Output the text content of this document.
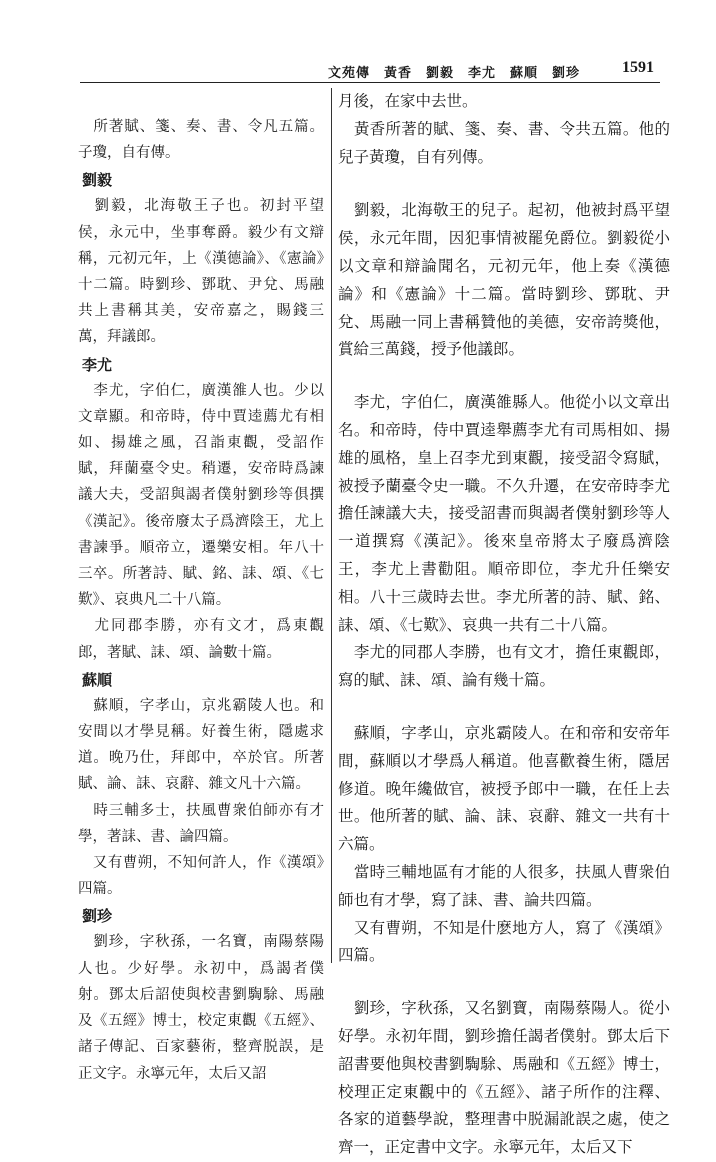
文苑傳　黃香　劉毅　李尤　蘇順　劉珍	1591
　所著賦、箋、奏、書、令凡五篇。子瓊，自有傳。
劉毅
　劉毅，北海敬王子也。初封平望侯，永元中，坐事奪爵。毅少有文辯稱，元初元年，上《漢德論》、《憲論》十二篇。時劉珍、鄧耽、尹兌、馬融共上書稱其美，安帝嘉之，賜錢三萬，拜議郎。
李尤
　李尤，字伯仁，廣漢雒人也。少以文章顯。和帝時，侍中賈逵薦尤有相如、揚雄之風，召詣東觀，受詔作賦，拜蘭臺令史。稍遷，安帝時爲諫議大夫，受詔與謁者僕射劉珍等俱撰《漢記》。後帝廢太子爲濟陰王，尤上書諫爭。順帝立，遷樂安相。年八十三卒。所著詩、賦、銘、誄、頌、《七歎》、哀典凡二十八篇。
　尤同郡李勝，亦有文才，爲東觀郎，著賦、誄、頌、論數十篇。
蘇順
　蘇順，字孝山，京兆霸陵人也。和安間以才學見稱。好養生術，隱處求道。晚乃仕，拜郎中，卒於官。所著賦、論、誄、哀辭、雜文凡十六篇。
　時三輔多士，扶風曹衆伯師亦有才學，著誄、書、論四篇。
　又有曹朔，不知何許人，作《漢頌》四篇。
劉珍
　劉珍，字秋孫，一名寶，南陽蔡陽人也。少好學。永初中，爲謁者僕射。鄧太后詔使與校書劉騊駼、馬融及《五經》博士，校定東觀《五經》、諸子傳記、百家藝術，整齊脱誤，是正文字。永寧元年，太后又詔
月後，在家中去世。
　黃香所著的賦、箋、奏、書、令共五篇。他的兒子黃瓊，自有列傳。
　劉毅，北海敬王的兒子。起初，他被封爲平望侯，永元年間，因犯事情被罷免爵位。劉毅從小以文章和辯論聞名，元初元年，他上奏《漢德論》和《憲論》十二篇。當時劉珍、鄧耽、尹兌、馬融一同上書稱贊他的美德，安帝誇獎他，賞給三萬錢，授予他議郎。
　李尤，字伯仁，廣漢雒縣人。他從小以文章出名。和帝時，侍中賈逵舉薦李尤有司馬相如、揚雄的風格，皇上召李尤到東觀，接受詔令寫賦，被授予蘭臺令史一職。不久升遷，在安帝時李尤擔任諫議大夫，接受詔書而與謁者僕射劉珍等人一道撰寫《漢記》。後來皇帝將太子廢爲濟陰王，李尤上書勸阻。順帝即位，李尤升任樂安相。八十三歲時去世。李尤所著的詩、賦、銘、誄、頌、《七歎》、哀典一共有二十八篇。
　李尤的同郡人李勝，也有文才，擔任東觀郎，寫的賦、誄、頌、論有幾十篇。
　蘇順，字孝山，京兆霸陵人。在和帝和安帝年間，蘇順以才學爲人稱道。他喜歡養生術，隱居修道。晚年纔做官，被授予郎中一職，在任上去世。他所著的賦、論、誄、哀辭、雜文一共有十六篇。
　當時三輔地區有才能的人很多，扶風人曹衆伯師也有才學，寫了誄、書、論共四篇。
　又有曹朔，不知是什麽地方人，寫了《漢頌》四篇。
　劉珍，字秋孫，又名劉寶，南陽蔡陽人。從小好學。永初年間，劉珍擔任謁者僕射。鄧太后下詔書要他與校書劉騊駼、馬融和《五經》博士，校理正定東觀中的《五經》、諸子所作的注釋、各家的道藝學說，整理書中脱漏訛誤之處，使之齊一，正定書中文字。永寧元年，太后又下
